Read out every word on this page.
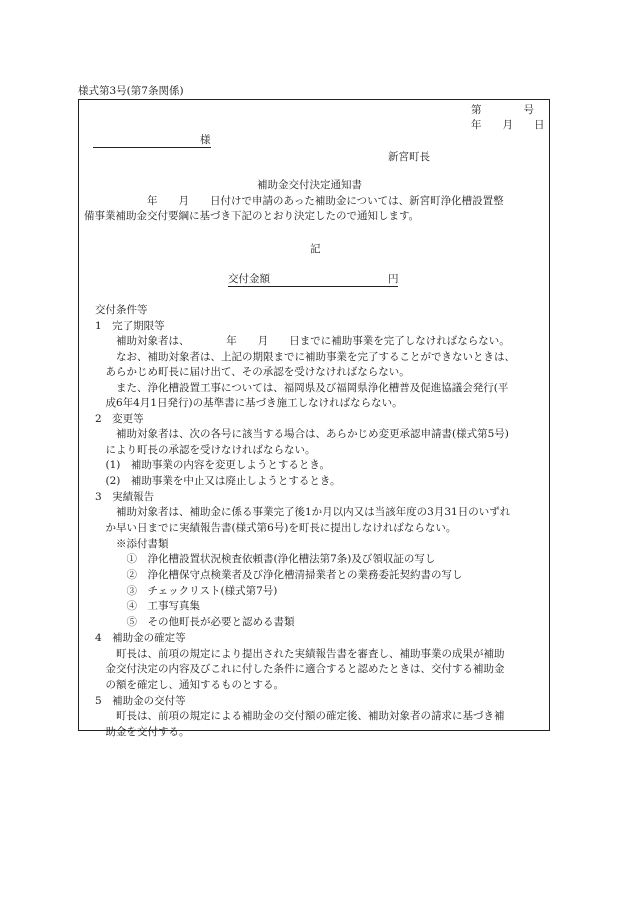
様式第3号(第7条関係)
第　　　　号
年　　月　　日
様
新宮町長
補助金交付決定通知書
　　　　　　年　　月　　日付けで申請のあった補助金については、新宮町浄化槽設置整
備事業補助金交付要綱に基づき下記のとおり決定したので通知します。
記
交付金額	円
交付条件等
1　完了期限等
　　補助対象者は、　　　　年　　月　　日までに補助事業を完了しなければならない。
　　なお、補助対象者は、上記の期限までに補助事業を完了することができないときは、
　あらかじめ町長に届け出て、その承認を受けなければならない。
　　また、浄化槽設置工事については、福岡県及び福岡県浄化槽普及促進協議会発行(平
　成6年4月1日発行)の基準書に基づき施工しなければならない。
2　変更等
　　補助対象者は、次の各号に該当する場合は、あらかじめ変更承認申請書(様式第5号)
　により町長の承認を受けなければならない。
　(1)　補助事業の内容を変更しようとするとき。
　(2)　補助事業を中止又は廃止しようとするとき。
3　実績報告
　　補助対象者は、補助金に係る事業完了後1か月以内又は当該年度の3月31日のいずれ
　か早い日までに実績報告書(様式第6号)を町長に提出しなければならない。
　　※添付書類
　　　①　浄化槽設置状況検査依頼書(浄化槽法第7条)及び領収証の写し
　　　②　浄化槽保守点検業者及び浄化槽清掃業者との業務委託契約書の写し
　　　③　チェックリスト(様式第7号)
　　　④　工事写真集
　　　⑤　その他町長が必要と認める書類
4　補助金の確定等
　　町長は、前項の規定により提出された実績報告書を審査し、補助事業の成果が補助
　金交付決定の内容及びこれに付した条件に適合すると認めたときは、交付する補助金
　の額を確定し、通知するものとする。
5　補助金の交付等
　　町長は、前項の規定による補助金の交付額の確定後、補助対象者の請求に基づき補
　助金を交付する。
